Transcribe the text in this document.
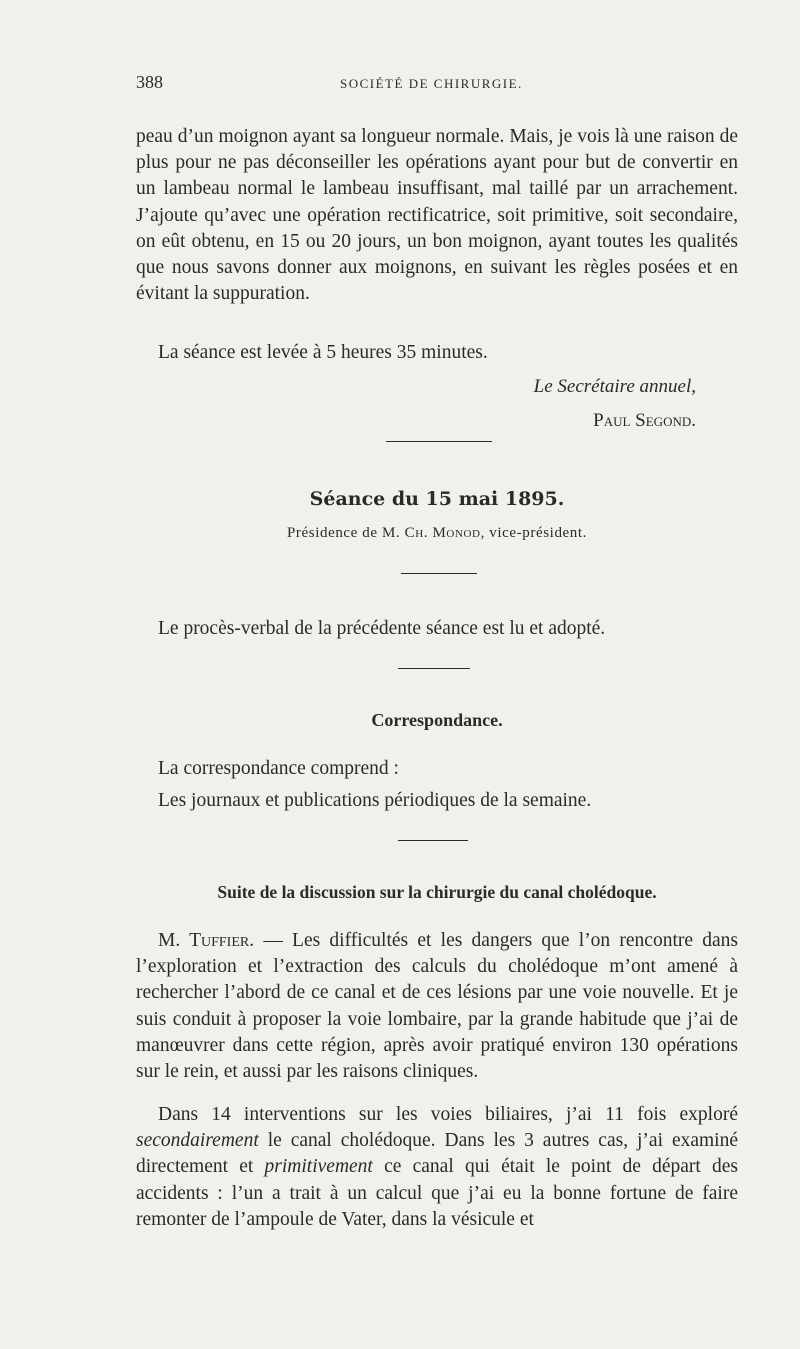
388	SOCIÉTÉ DE CHIRURGIE.
peau d’un moignon ayant sa longueur normale. Mais, je vois là une raison de plus pour ne pas déconseiller les opérations ayant pour but de convertir en un lambeau normal le lambeau insuffisant, mal taillé par un arrachement. J’ajoute qu’avec une opération rectificatrice, soit primitive, soit secondaire, on eût obtenu, en 15 ou 20 jours, un bon moignon, ayant toutes les qualités que nous savons donner aux moignons, en suivant les règles posées et en évitant la suppuration.
La séance est levée à 5 heures 35 minutes.
Le Secrétaire annuel,
Paul Segond.
Séance du 15 mai 1895.
Présidence de M. Ch. Monod, vice-président.
Le procès-verbal de la précédente séance est lu et adopté.
Correspondance.
La correspondance comprend :
Les journaux et publications périodiques de la semaine.
Suite de la discussion sur la chirurgie du canal cholédoque.
M. Tuffier. — Les difficultés et les dangers que l’on rencontre dans l’exploration et l’extraction des calculs du cholédoque m’ont amené à rechercher l’abord de ce canal et de ces lésions par une voie nouvelle. Et je suis conduit à proposer la voie lombaire, par la grande habitude que j’ai de manœuvrer dans cette région, après avoir pratiqué environ 130 opérations sur le rein, et aussi par les raisons cliniques.
Dans 14 interventions sur les voies biliaires, j’ai 11 fois exploré secondairement le canal cholédoque. Dans les 3 autres cas, j’ai examiné directement et primitivement ce canal qui était le point de départ des accidents : l’un a trait à un calcul que j’ai eu la bonne fortune de faire remonter de l’ampoule de Vater, dans la vésicule et
